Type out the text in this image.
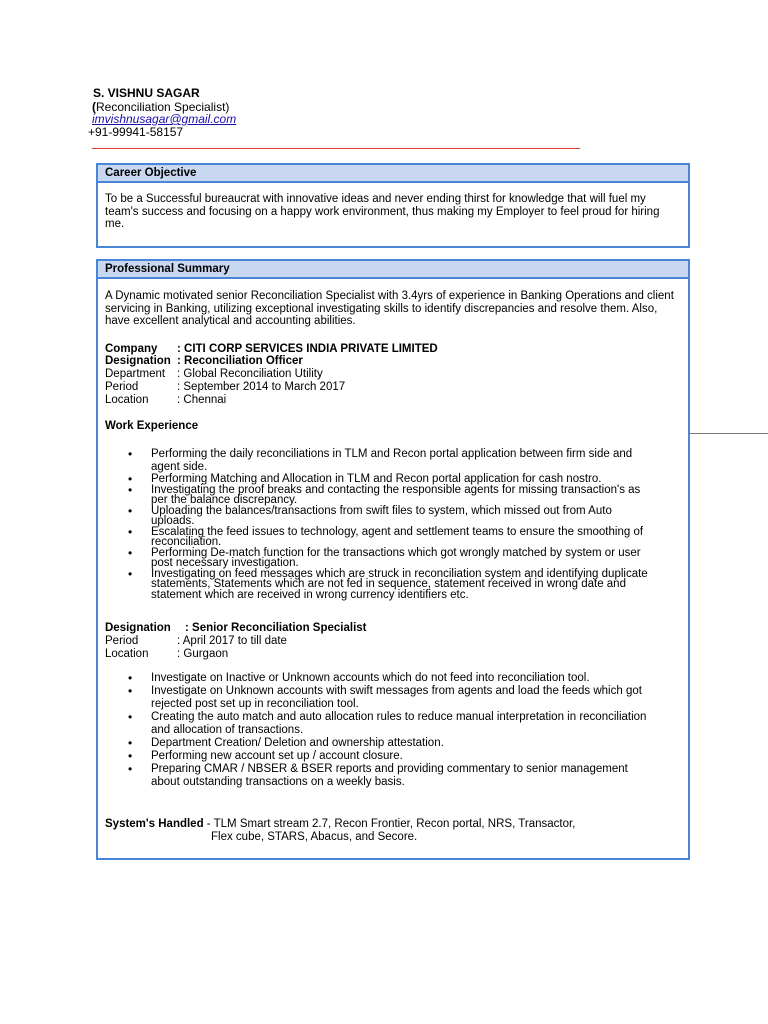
S. VISHNU SAGAR
(Reconciliation Specialist)
imvishnusagar@gmail.com
+91-99941-58157
Career Objective
To be a Successful bureaucrat with innovative ideas and never ending thirst for knowledge that will fuel my team's success and focusing on a happy work environment, thus making my Employer to feel proud for hiring me.
Professional Summary
A Dynamic motivated senior Reconciliation Specialist with 3.4yrs of experience in Banking Operations and client servicing in Banking, utilizing exceptional investigating skills to identify discrepancies and resolve them. Also, have excellent analytical and accounting abilities.
Company : CITI CORP SERVICES INDIA PRIVATE LIMITED
Designation : Reconciliation Officer
Department : Global Reconciliation Utility
Period	: September 2014 to March 2017
Location : Chennai
Work Experience
• Performing the daily reconciliations in TLM and Recon portal application between firm side and agent side.
• Performing Matching and Allocation in TLM and Recon portal application for cash nostro.
• Investigating the proof breaks and contacting the responsible agents for missing transaction's as per the balance discrepancy.
• Uploading the balances/transactions from swift files to system, which missed out from Auto uploads.
• Escalating the feed issues to technology, agent and settlement teams to ensure the smoothing of reconciliation.
• Performing De-match function for the transactions which got wrongly matched by system or user post necessary investigation.
• Investigating on feed messages which are struck in reconciliation system and identifying duplicate statements, Statements which are not fed in sequence, statement received in wrong date and statement which are received in wrong currency identifiers etc.
Designation : Senior Reconciliation Specialist
Period	: April 2017 to till date
Location : Gurgaon
• Investigate on Inactive or Unknown accounts which do not feed into reconciliation tool.
• Investigate on Unknown accounts with swift messages from agents and load the feeds which got rejected post set up in reconciliation tool.
• Creating the auto match and auto allocation rules to reduce manual interpretation in reconciliation and allocation of transactions.
• Department Creation/ Deletion and ownership attestation.
• Performing new account set up / account closure.
• Preparing CMAR / NBSER & BSER reports and providing commentary to senior management about outstanding transactions on a weekly basis.
System's Handled - TLM Smart stream 2.7, Recon Frontier, Recon portal, NRS, Transactor,
Flex cube, STARS, Abacus, and Secore.
